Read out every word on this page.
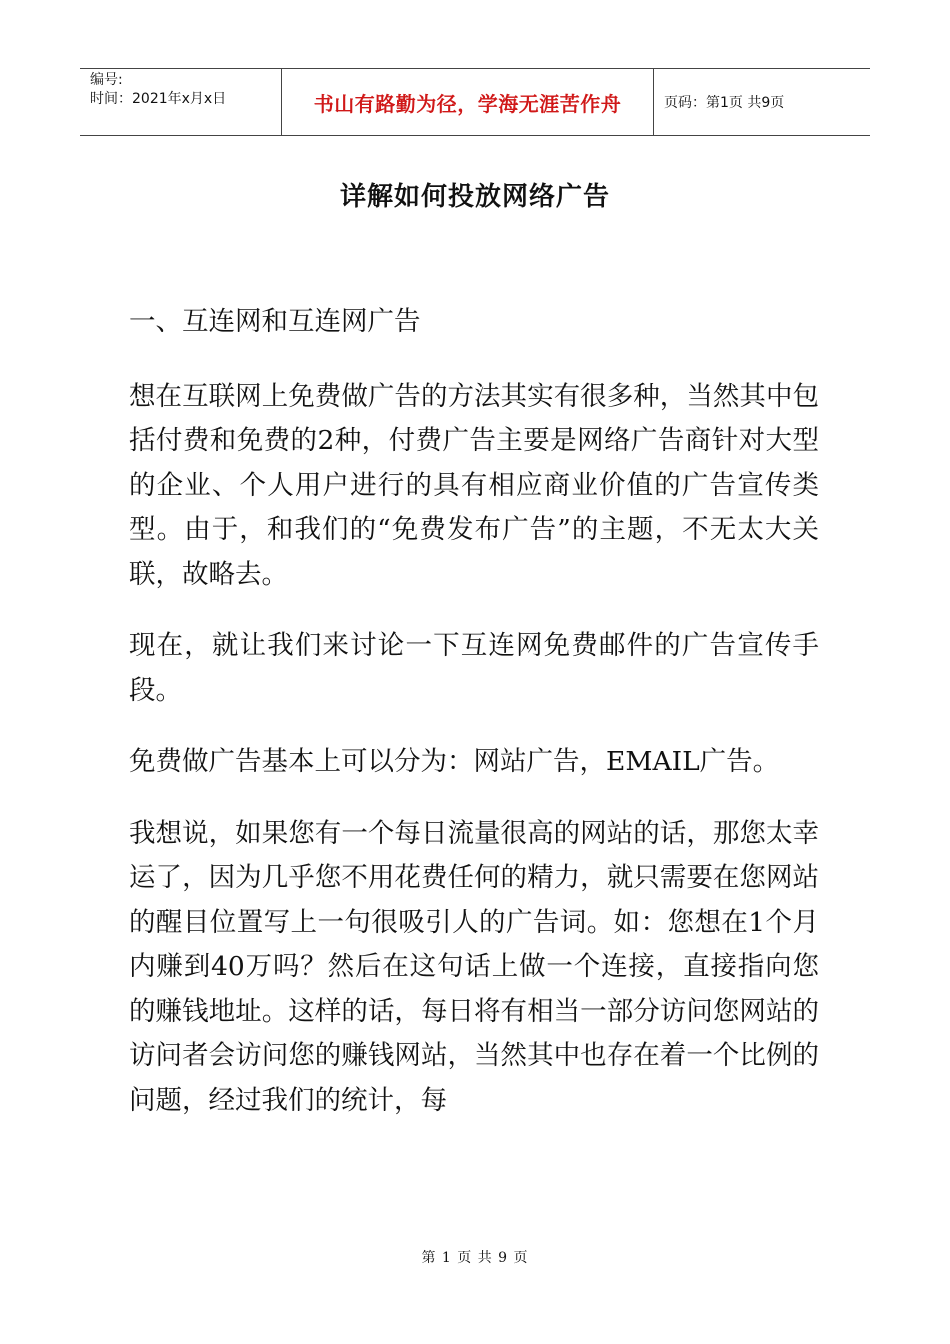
编号:
时间：2021年x月x日	书山有路勤为径，学海无涯苦作舟	页码：第1页 共9页
详解如何投放网络广告

一、互连网和互连网广告

想在互联网上免费做广告的方法其实有很多种，当然其中包括付费和免费的2种，付费广告主要是网络广告商针对大型的企业、个人用户进行的具有相应商业价值的广告宣传类型。由于，和我们的“免费发布广告”的主题，不无太大关联，故略去。

现在，就让我们来讨论一下互连网免费邮件的广告宣传手段。

免费做广告基本上可以分为：网站广告，EMAIL广告。

我想说，如果您有一个每日流量很高的网站的话，那您太幸运了，因为几乎您不用花费任何的精力，就只需要在您网站的醒目位置写上一句很吸引人的广告词。如：您想在1个月内赚到40万吗？然后在这句话上做一个连接，直接指向您的赚钱地址。这样的话，每日将有相当一部分访问您网站的访问者会访问您的赚钱网站，当然其中也存在着一个比例的问题，经过我们的统计，每

第 1 页 共 9 页
